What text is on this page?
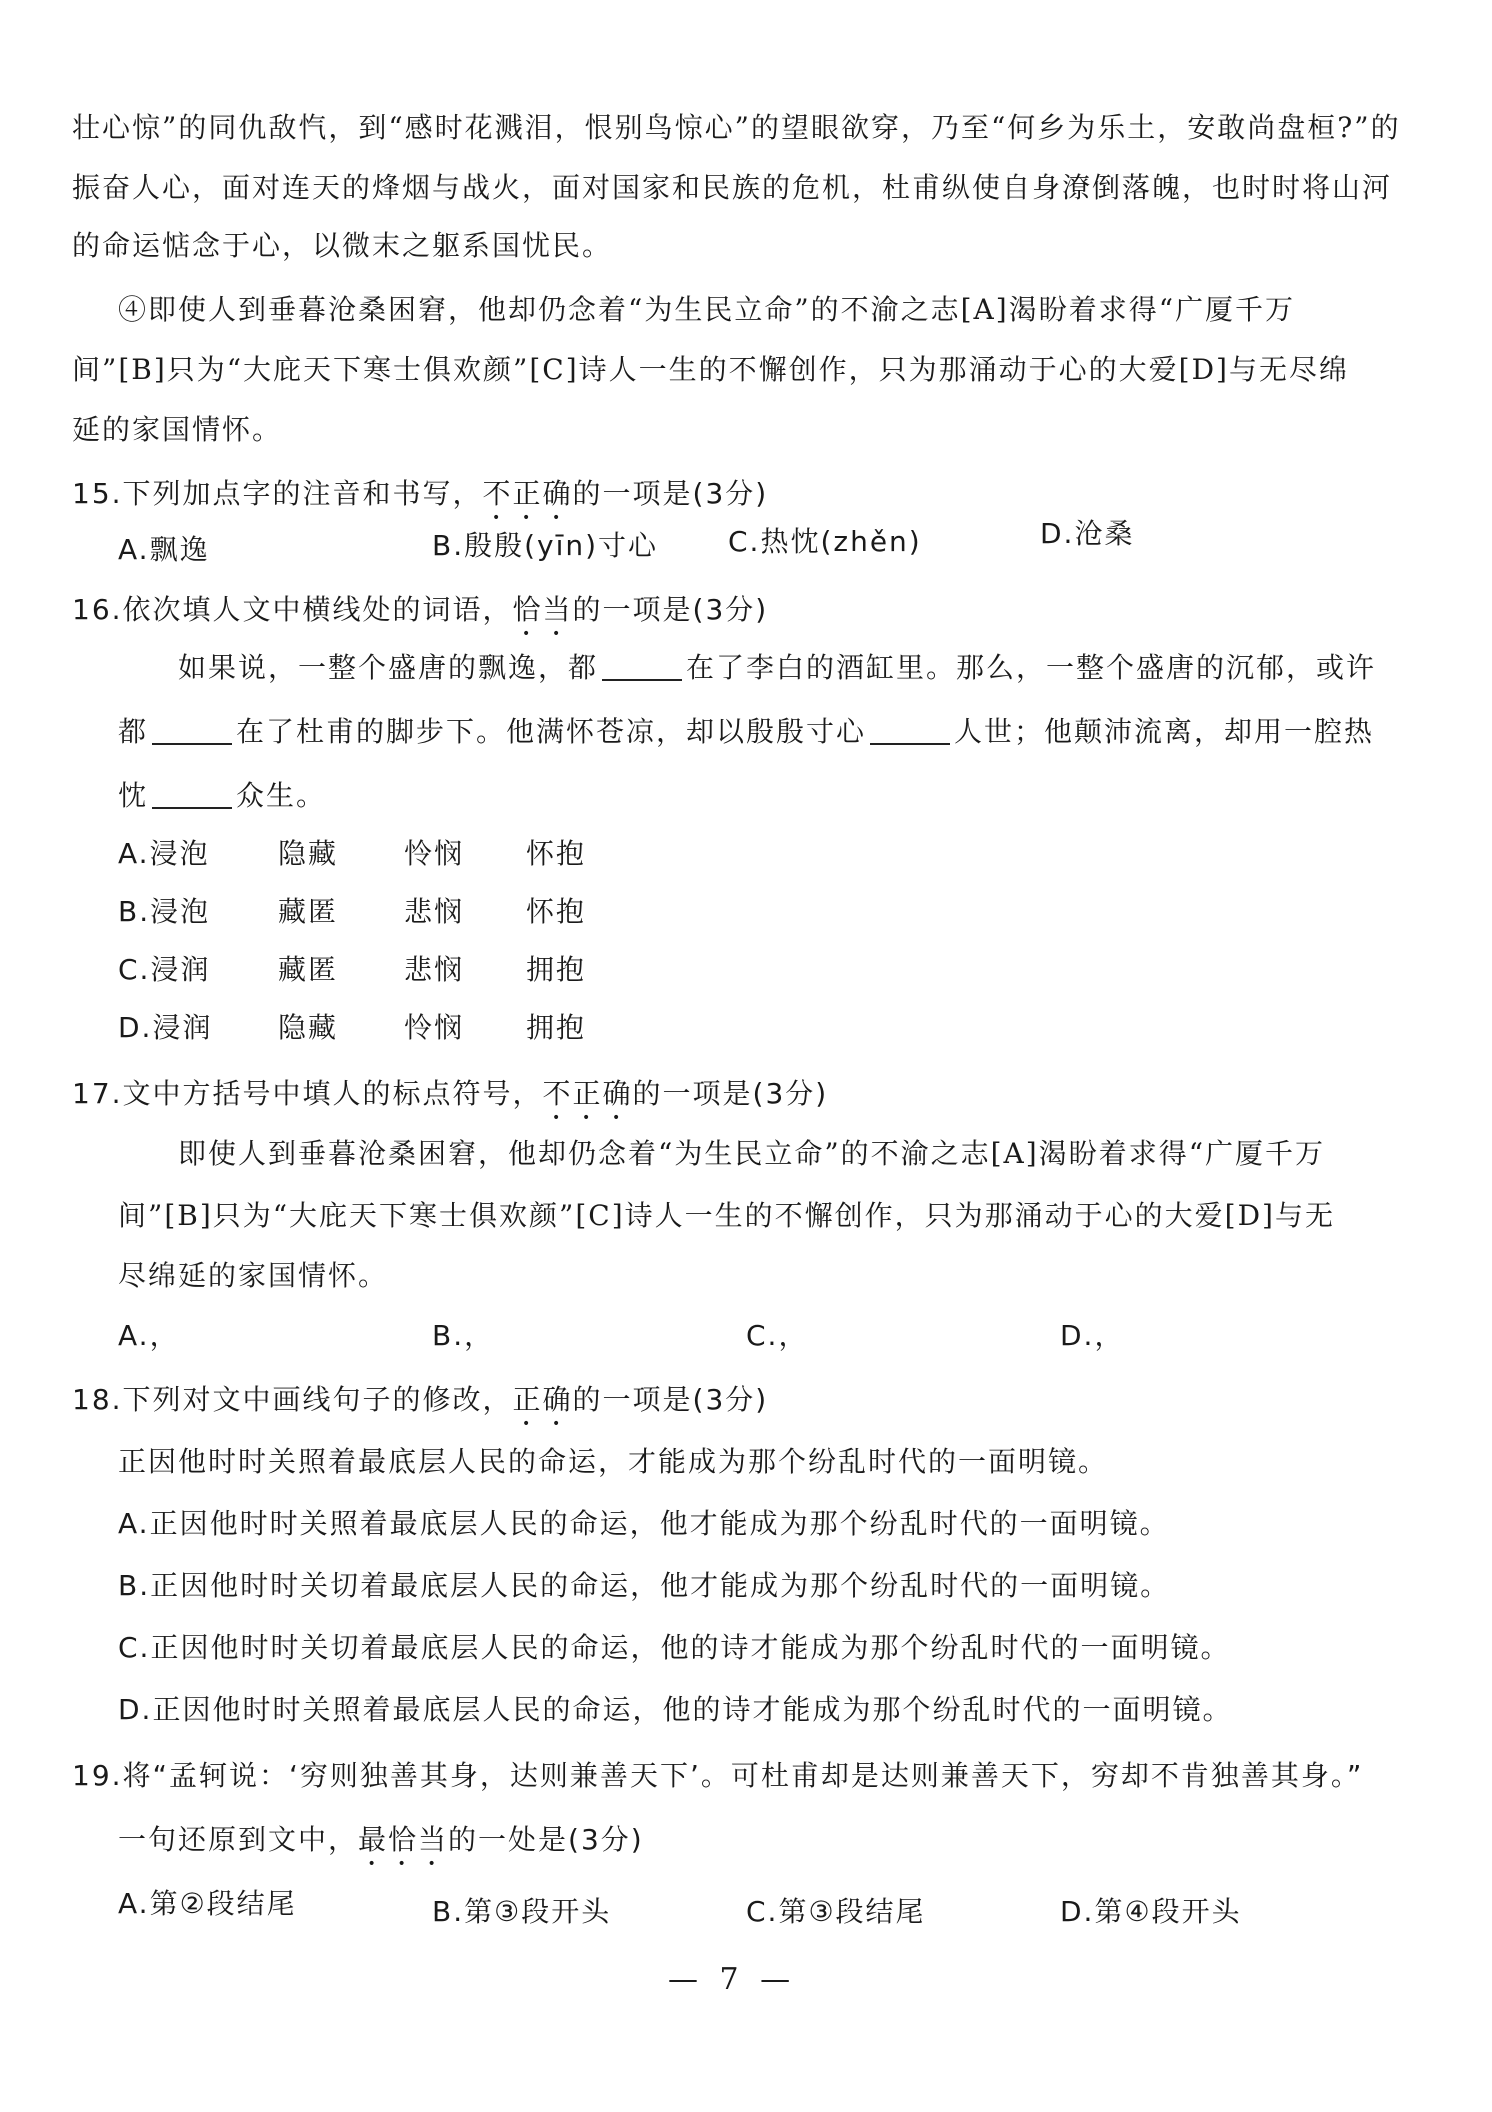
壮心惊”的同仇敌忾，到“感时花溅泪，恨别鸟惊心”的望眼欲穿，乃至“何乡为乐土，安敢尚盘桓?”的
振奋人心，面对连天的烽烟与战火，面对国家和民族的危机，杜甫纵使自身潦倒落魄，也时时将山河
的命运惦念于心，以微末之躯系国忧民。
④即使人到垂暮沧桑困窘，他却仍念着“为生民立命”的不渝之志[A]渴盼着求得“广厦千万
间”[B]只为“大庇天下寒士俱欢颜”[C]诗人一生的不懈创作，只为那涌动于心的大爱[D]与无尽绵
延的家国情怀。
15.下列加点字的注音和书写，不正确的一项是(3分)
A.飘逸	B.殷殷(yīn)寸心 C.热忱(zhěn)	D.沧桑
16.依次填人文中横线处的词语，恰当的一项是(3分)
如果说，一整个盛唐的飘逸，都	在了李白的酒缸里。那么，一整个盛唐的沉郁，或许
都	在了杜甫的脚步下。他满怀苍凉，却以殷殷寸心	人世；他颠沛流离，却用一腔热
忱	众生。
A.浸泡 隐藏 怜悯 怀抱
B.浸泡 藏匿 悲悯 怀抱
C.浸润 藏匿 悲悯 拥抱
D.浸润 隐藏 怜悯 拥抱
17.文中方括号中填人的标点符号，不正确的一项是(3分)
即使人到垂暮沧桑困窘，他却仍念着“为生民立命”的不渝之志[A]渴盼着求得“广厦千万
间”[B]只为“大庇天下寒士俱欢颜”[C]诗人一生的不懈创作，只为那涌动于心的大爱[D]与无
尽绵延的家国情怀。
A.，	B.，	C.，	D.，
18.下列对文中画线句子的修改，正确的一项是(3分)
正因他时时关照着最底层人民的命运，才能成为那个纷乱时代的一面明镜。
A.正因他时时关照着最底层人民的命运，他才能成为那个纷乱时代的一面明镜。
B.正因他时时关切着最底层人民的命运，他才能成为那个纷乱时代的一面明镜。
C.正因他时时关切着最底层人民的命运，他的诗才能成为那个纷乱时代的一面明镜。
D.正因他时时关照着最底层人民的命运，他的诗才能成为那个纷乱时代的一面明镜。
19.将“孟轲说：‘穷则独善其身，达则兼善天下’。可杜甫却是达则兼善天下，穷却不肯独善其身。”
一句还原到文中，最恰当的一处是(3分)
A.第②段结尾	B.第③段开头	C.第③段结尾	D.第④段开头
— 7 —
